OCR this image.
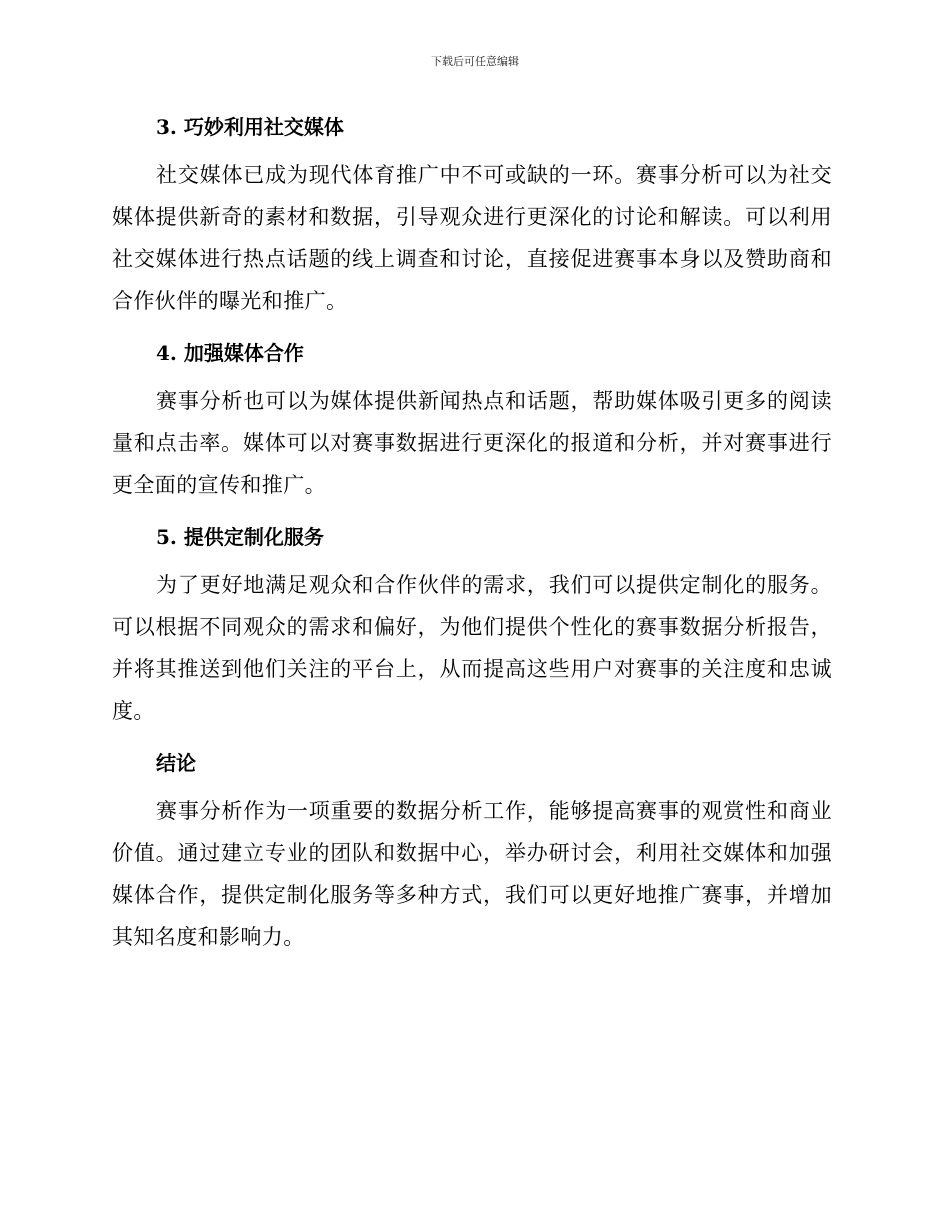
下载后可任意编辑
3. 巧妙利用社交媒体

社交媒体已成为现代体育推广中不可或缺的一环。赛事分析可以为社交媒体提供新奇的素材和数据，引导观众进行更深化的讨论和解读。可以利用社交媒体进行热点话题的线上调查和讨论，直接促进赛事本身以及赞助商和合作伙伴的曝光和推广。

4. 加强媒体合作

赛事分析也可以为媒体提供新闻热点和话题，帮助媒体吸引更多的阅读量和点击率。媒体可以对赛事数据进行更深化的报道和分析，并对赛事进行更全面的宣传和推广。

5. 提供定制化服务

为了更好地满足观众和合作伙伴的需求，我们可以提供定制化的服务。可以根据不同观众的需求和偏好，为他们提供个性化的赛事数据分析报告，并将其推送到他们关注的平台上，从而提高这些用户对赛事的关注度和忠诚度。

结论

赛事分析作为一项重要的数据分析工作，能够提高赛事的观赏性和商业价值。通过建立专业的团队和数据中心，举办研讨会，利用社交媒体和加强媒体合作，提供定制化服务等多种方式，我们可以更好地推广赛事，并增加其知名度和影响力。
